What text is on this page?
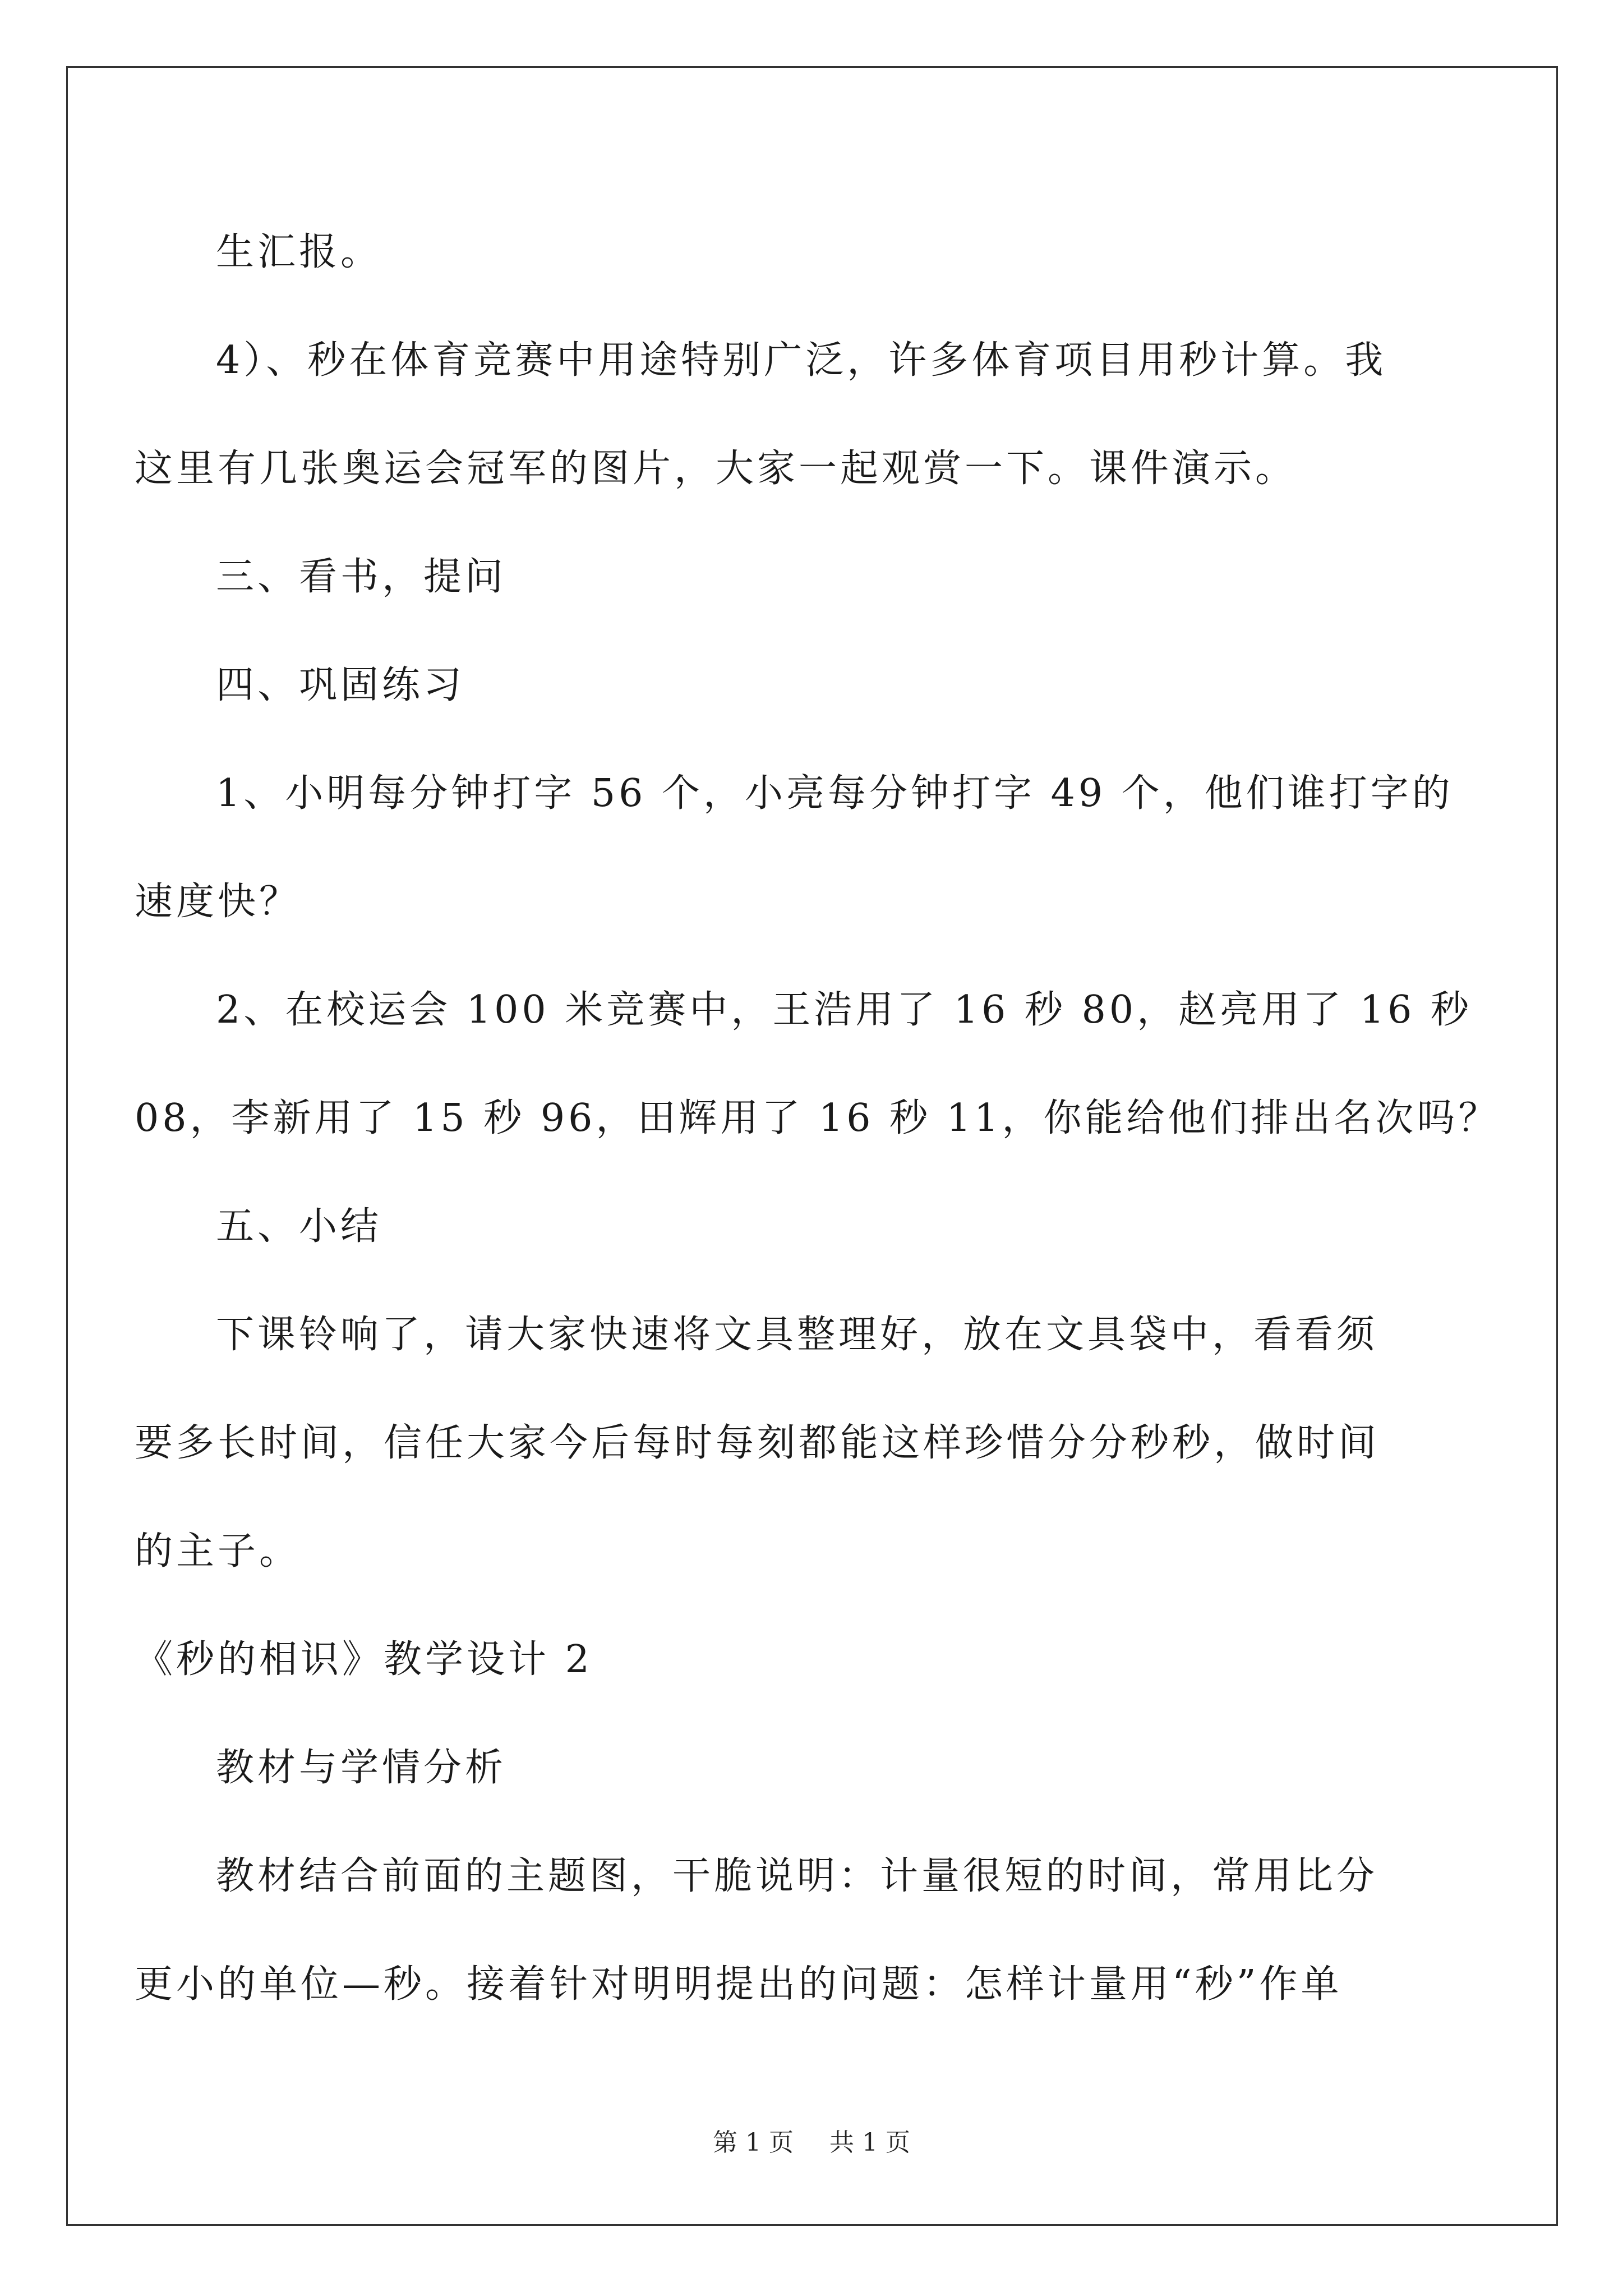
生汇报。
4）、秒在体育竞赛中用途特别广泛，许多体育项目用秒计算。我
这里有几张奥运会冠军的图片，大家一起观赏一下。课件演示。
三、看书，提问
四、巩固练习
1、小明每分钟打字 56 个，小亮每分钟打字 49 个，他们谁打字的
速度快？
2、在校运会 100 米竞赛中，王浩用了 16 秒 80，赵亮用了 16 秒
08，李新用了 15 秒 96，田辉用了 16 秒 11，你能给他们排出名次吗？
五、小结
下课铃响了，请大家快速将文具整理好，放在文具袋中，看看须
要多长时间，信任大家今后每时每刻都能这样珍惜分分秒秒，做时间
的主子。
《秒的相识》教学设计 2
教材与学情分析
教材结合前面的主题图，干脆说明：计量很短的时间，常用比分
更小的单位—秒。接着针对明明提出的问题：怎样计量用“秒”作单
第 1 页 共 1 页
